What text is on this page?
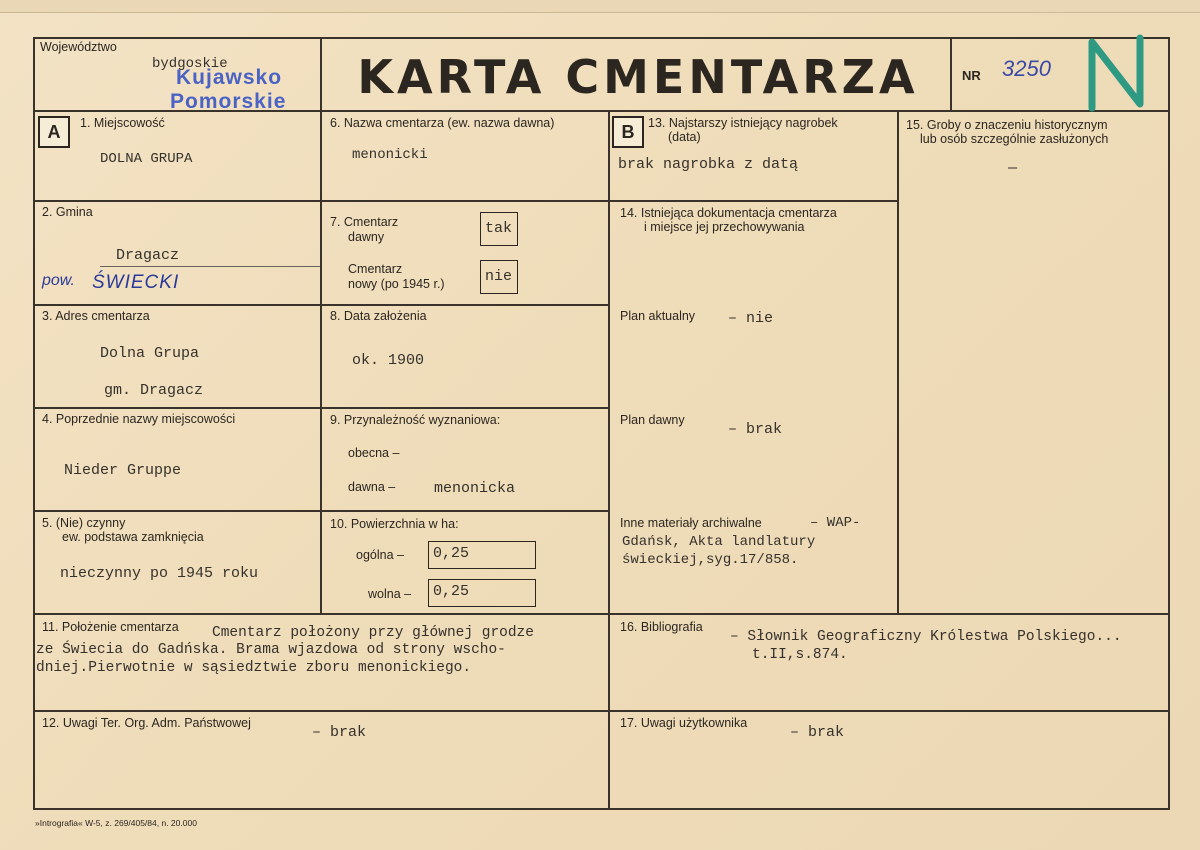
Województwo
bydgoskie
Kujawsko
Pomorskie	KARTA CMENTARZA	NR 3250
A	1. Miejscowość
DOLNA GRUPA
2. Gmina
Dragacz
pow. ŚWIECKI
3. Adres cmentarza
Dolna Grupa
gm. Dragacz
4. Poprzednie nazwy miejscowości
Nieder Gruppe
5. (Nie) czynny
ew. podstawa zamknięcia
nieczynny po 1945 roku
6. Nazwa cmentarza (ew. nazwa dawna)
menonicki
7. Cmentarz
dawny	tak
Cmentarz
nowy (po 1945 r.)	nie
8. Data założenia
ok. 1900
9. Przynależność wyznaniowa:
obecna –
dawna –	menonicka
10. Powierzchnia w ha:
ogólna –	0,25
wolna –	0,25
B	13. Najstarszy istniejący nagrobek
(data)
brak nagrobka z datą
14. Istniejąca dokumentacja cmentarza
i miejsce jej przechowywania
Plan aktualny – nie
Plan dawny
– brak
Inne materiały archiwalne	– WAP-
Gdańsk, Akta landlatury
świeckiej,syg.17/858.
15. Groby o znaczeniu historycznym
lub osób szczególnie zasłużonych
—
11. Położenie cmentarza Cmentarz położony przy głównej grodze
ze Świecia do Gadńska. Brama wjazdowa od strony wscho-
dniej.Pierwotnie w sąsiedztwie zboru menonickiego.
16. Bibliografia
– Słownik Geograficzny Królestwa Polskiego...
t.II,s.874.
12. Uwagi Ter. Org. Adm. Państwowej
– brak
17. Uwagi użytkownika
– brak
»Intrografia« W-5, z. 269/405/84, n. 20.000
